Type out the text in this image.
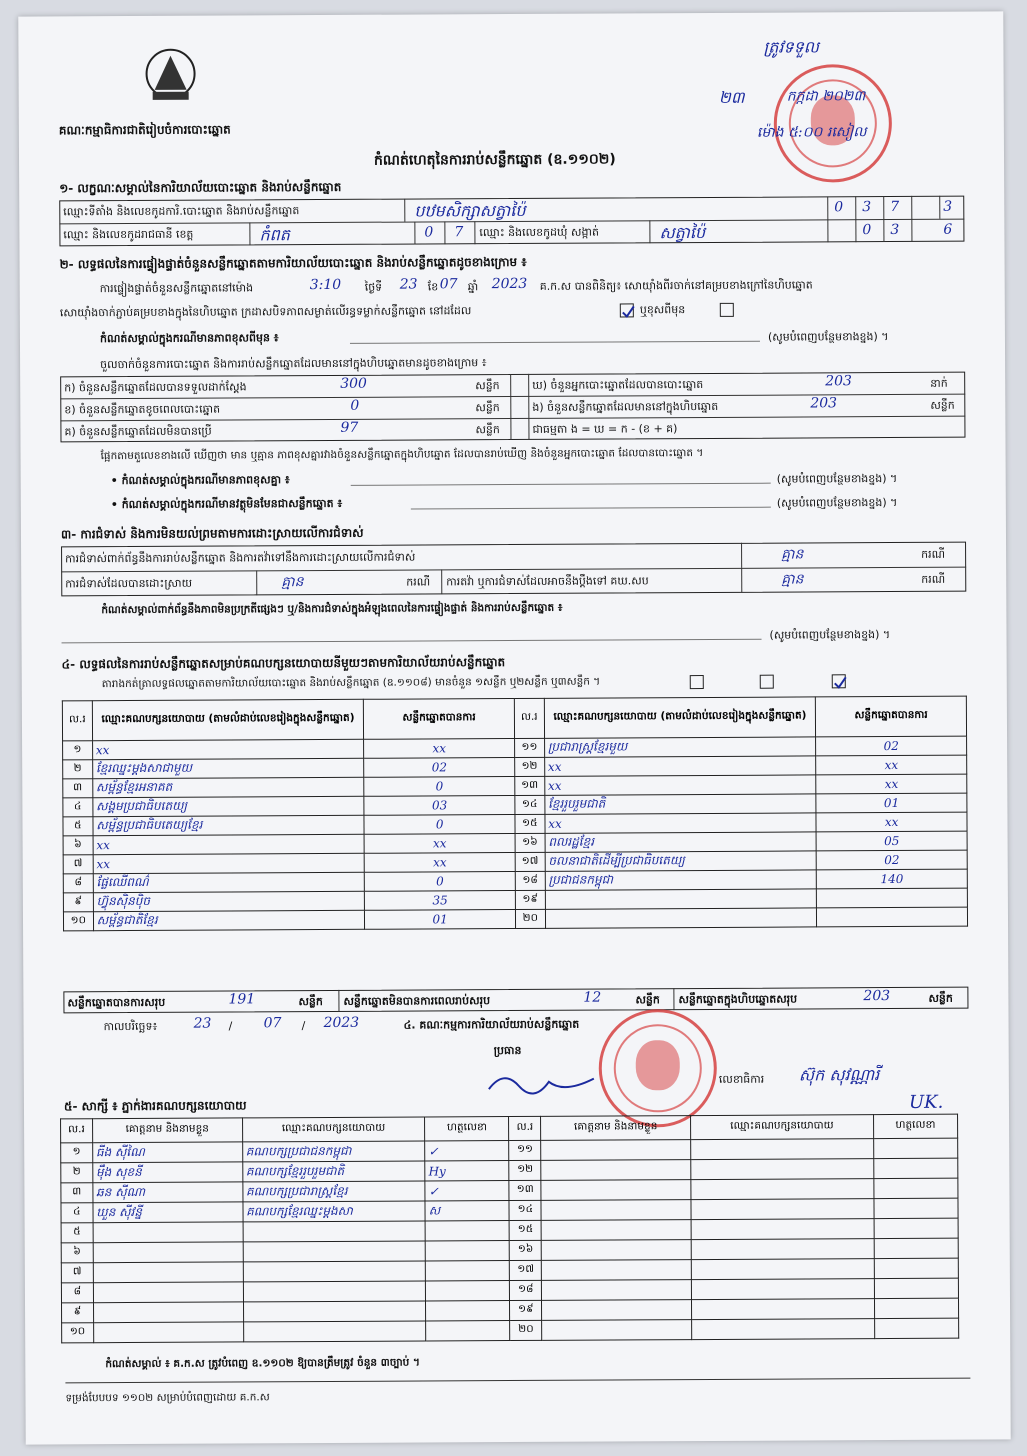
គណៈកម្មាធិការជាតិរៀបចំការបោះឆ្នោត
ត្រូវទទួល
២៣	កក្កដា ២០២៣
ម៉ោង ៥:០០ រសៀល
កំណត់ហេតុនៃការរាប់សន្លឹកឆ្នោត (ឧ.១១០២)
១- លក្ខណៈសម្គាល់នៃការិយាល័យបោះឆ្នោត និងរាប់សន្លឹកឆ្នោត
ឈ្មោះទីតាំង និងលេខកូដការិ.បោះឆ្នោត និងរាប់សន្លឹកឆ្នោត	បឋមសិក្សាសត្វាប៉ៃ	0 3 7	3
ឈ្មោះ និងលេខកូដរាជធានី ខេត្ត	កំពត	0 7 ឈ្មោះ និងលេខកូដឃុំ សង្កាត់	សត្វាប៉ៃ	0 3	6
២- លទ្ធផលនៃការផ្ទៀងផ្ទាត់ចំនួនសន្លឹកឆ្នោតតាមការិយាល័យបោះឆ្នោត និងរាប់សន្លឹកឆ្នោតដូចខាងក្រោម ៖
ការផ្ទៀងផ្ទាត់ចំនួនសន្លឹកឆ្នោតនៅម៉ោង	3:10 ថ្ងៃទី 23 ខែ 07 ឆ្នាំ 2023 គ.ក.ស បានពិនិត្យ៖ សោយ៉ាំងពីរចាក់នៅគម្របខាងក្រៅនៃហិបឆ្នោត
សោយ៉ាំងចាក់ភ្ជាប់គម្របខាងក្នុងនៃហិបឆ្នោត ក្រដាសបិទភាពសម្ងាត់លើរន្ធទម្លាក់សន្លឹកឆ្នោត នៅដដែល	ឬខុសពីមុន
កំណត់សម្គាល់ក្នុងករណីមានភាពខុសពីមុន ៖	(សូមបំពេញបន្ថែមខាងខ្នង) ។
ចួលចាក់ចំនួនការបោះឆ្នោត និងការរាប់សន្លឹកឆ្នោតដែលមាននៅក្នុងហិបឆ្នោតមានដូចខាងក្រោម ៖
ក) ចំនួនសន្លឹកឆ្នោតដែលបានទទួលដាក់ស្តែង	300	សន្លឹក	ឃ) ចំនួនអ្នកបោះឆ្នោតដែលបានបោះឆ្នោត	203	នាក់
ខ) ចំនួនសន្លឹកឆ្នោតខូចពេលបោះឆ្នោត	0	សន្លឹក	ង) ចំនួនសន្លឹកឆ្នោតដែលមាននៅក្នុងហិបឆ្នោត	203	សន្លឹក
គ) ចំនួនសន្លឹកឆ្នោតដែលមិនបានប្រើ	97	សន្លឹក	ជាធម្មតា ង = ឃ = ក - (ខ + គ)
ផ្អែកតាមតួលេខខាងលើ ឃើញថា មាន ឬគ្មាន ភាពខុសគ្នារវាងចំនួនសន្លឹកឆ្នោតក្នុងហិបឆ្នោត ដែលបានរាប់ឃើញ និងចំនួនអ្នកបោះឆ្នោត ដែលបានបោះឆ្នោត ។
• កំណត់សម្គាល់ក្នុងករណីមានភាពខុសគ្នា ៖	(សូមបំពេញបន្ថែមខាងខ្នង) ។
• កំណត់សម្គាល់ក្នុងករណីមានវត្ថុមិនមែនជាសន្លឹកឆ្នោត ៖	(សូមបំពេញបន្ថែមខាងខ្នង) ។
៣- ការជំទាស់ និងការមិនយល់ព្រមតាមការដោះស្រាយលើការជំទាស់
ការជំទាស់ពាក់ព័ន្ធនឹងការរាប់សន្លឹកឆ្នោត និងការតវ៉ាទៅនឹងការដោះស្រាយលើការជំទាស់	គ្មាន	ករណី
ការជំទាស់ដែលបានដោះស្រាយ	គ្មាន	ករណី ការតវ៉ា ឬការជំទាស់ដែលអាចនឹងប្តឹងទៅ គឃ.សប	គ្មាន	ករណី
កំណត់សម្គាល់ពាក់ព័ន្ធនឹងភាពមិនប្រក្រតីផ្សេងៗ ឬ/និងការជំទាស់ក្នុងអំឡុងពេលនៃការផ្ទៀងផ្ទាត់ និងការរាប់សន្លឹកឆ្នោត ៖
(សូមបំពេញបន្ថែមខាងខ្នង) ។
៤- លទ្ធផលនៃការរាប់សន្លឹកឆ្នោតសម្រាប់គណបក្សនយោបាយនីមួយៗតាមការិយាល័យរាប់សន្លឹកឆ្នោត
តារាងកត់ត្រាលទ្ធផលឆ្នោតតាមការិយាល័យបោះឆ្នោត និងរាប់សន្លឹកឆ្នោត (ឧ.១១០៨) មានចំនួន ១សន្លឹក ឬ២សន្លឹក ឬ៣សន្លឹក ។
ល.រ	ឈ្មោះគណបក្សនយោបាយ (តាមលំដាប់លេខរៀងក្នុងសន្លឹកឆ្នោត)	សន្លឹកឆ្នោតបានការ	ល.រ	ឈ្មោះគណបក្សនយោបាយ (តាមលំដាប់លេខរៀងក្នុងសន្លឹកឆ្នោត)	សន្លឹកឆ្នោតបានការ
១	xx	xx	១១	ប្រជារាស្ត្រខ្មែរមួយ	02
២	ខ្មែរឈ្នះម្តងសាជាមួយ	02	១២	xx	xx
៣	សម្ព័ន្ធខ្មែរអនាគត	0	១៣	xx	xx
៤	សង្គមប្រជាធិបតេយ្យ	03	១៤	ខ្មែររួបរួមជាតិ	01
៥	សម្ព័ន្ធប្រជាធិបតេយ្យខ្មែរ	0	១៥	xx	xx
៦	xx	xx	១៦	ពលរដ្ឋខ្មែរ	05
៧	xx	xx	១៧	ចលនាជាតិដើម្បីប្រជាធិបតេយ្យ	02
៨	ផ្លែឈើពណ៌	0	១៨	ប្រជាជនកម្ពុជា	140
៩	ហ៊្វុនស៊ិនប៉ិច	35	១៩		
១០	សម្ព័ន្ធជាតិខ្មែរ	01	២០		
សន្លឹកឆ្នោតបានការសរុប	191	សន្លឹក សន្លឹកឆ្នោតមិនបានការពេលរាប់សរុប	12	សន្លឹក សន្លឹកឆ្នោតក្នុងហិបឆ្នោតសរុប	203	សន្លឹក
កាលបរិច្ឆេទ៖	23 / 07 / 2023	៤. គណៈកម្មការការិយាល័យរាប់សន្លឹកឆ្នោត
ប្រធាន
លេខាធិការ ស៊ុក សុវណ្ណារី
UK.
៥- សាក្សី ៖ ភ្នាក់ងារគណបក្សនយោបាយ
ល.រ	គោត្តនាម និងនាមខ្លួន	ឈ្មោះគណបក្សនយោបាយ	ហត្ថលេខា	ល.រ	គោត្តនាម និងនាមខ្លួន	ឈ្មោះគណបក្សនយោបាយ	ហត្ថលេខា
១	ធីង ស៊ីណៃ	គណបក្សប្រជាជនកម្ពុជា	✓	១១			
២	ម៉ឹង សុខនី	គណបក្សខ្មែររួបរួមជាតិ	Hy	១២			
៣	ឆន ស៊ីណា	គណបក្សប្រជារាស្ត្រខ្មែរ	✓	១៣			
៤	ឃួន ស៊ីវន្នី	គណបក្សខ្មែរឈ្នះម្តងសា	ស	១៤			
៥				១៥			
៦				១៦			
៧				១៧			
៨				១៨			
៩				១៩			
១០				២០			
កំណត់សម្គាល់ ៖ គ.ក.ស ត្រូវបំពេញ ឧ.១១០២ ឱ្យបានត្រឹមត្រូវ ចំនួន ៣ច្បាប់ ។
ទម្រង់បែបបទ ១១០២ សម្រាប់បំពេញដោយ គ.ក.ស
